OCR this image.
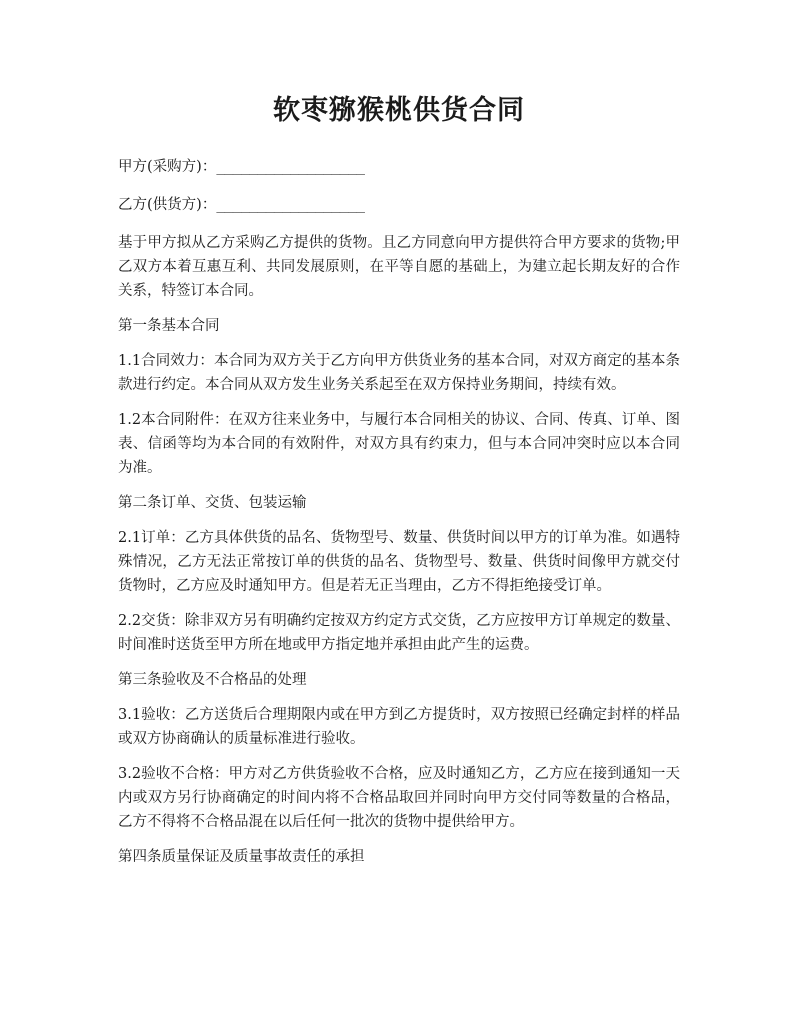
软枣猕猴桃供货合同

甲方(采购方)：__________________

乙方(供货方)：__________________

基于甲方拟从乙方采购乙方提供的货物。且乙方同意向甲方提供符合甲方要求的货物;甲乙双方本着互惠互利、共同发展原则，在平等自愿的基础上，为建立起长期友好的合作关系，特签订本合同。

第一条基本合同

1.1合同效力：本合同为双方关于乙方向甲方供货业务的基本合同，对双方商定的基本条款进行约定。本合同从双方发生业务关系起至在双方保持业务期间，持续有效。

1.2本合同附件：在双方往来业务中，与履行本合同相关的协议、合同、传真、订单、图表、信函等均为本合同的有效附件，对双方具有约束力，但与本合同冲突时应以本合同为准。

第二条订单、交货、包装运输

2.1订单：乙方具体供货的品名、货物型号、数量、供货时间以甲方的订单为准。如遇特殊情况，乙方无法正常按订单的供货的品名、货物型号、数量、供货时间像甲方就交付货物时，乙方应及时通知甲方。但是若无正当理由，乙方不得拒绝接受订单。

2.2交货：除非双方另有明确约定按双方约定方式交货，乙方应按甲方订单规定的数量、时间准时送货至甲方所在地或甲方指定地并承担由此产生的运费。

第三条验收及不合格品的处理

3.1验收：乙方送货后合理期限内或在甲方到乙方提货时，双方按照已经确定封样的样品或双方协商确认的质量标准进行验收。

3.2验收不合格：甲方对乙方供货验收不合格，应及时通知乙方，乙方应在接到通知一天内或双方另行协商确定的时间内将不合格品取回并同时向甲方交付同等数量的合格品，乙方不得将不合格品混在以后任何一批次的货物中提供给甲方。

第四条质量保证及质量事故责任的承担
